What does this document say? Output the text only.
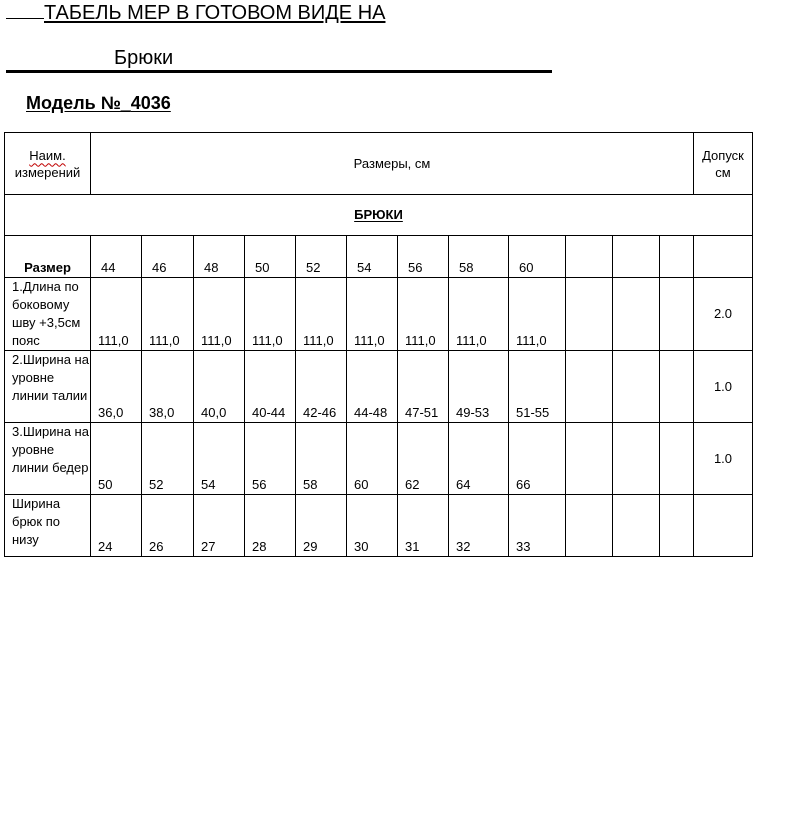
ТАБЕЛЬ МЕР В ГОТОВОМ ВИДЕ НА
Брюки
Модель №_4036
Наим.
измерений	Размеры, см												Допуск см
БРЮКИ													
Размер	44	46	48	50	52	54	56	58	60				
1.Длина по боковому шву +3,5см пояс	111,0	111,0	111,0	111,0	111,0	111,0	111,0	111,0	111,0				2.0
2.Ширина на уровне линии талии	36,0	38,0	40,0	40-44	42-46	44-48	47-51	49-53	51-55				1.0
3.Ширина на уровне линии бедер	50	52	54	56	58	60	62	64	66				1.0
Ширина брюк по низу	24	26	27	28	29	30	31	32	33				
